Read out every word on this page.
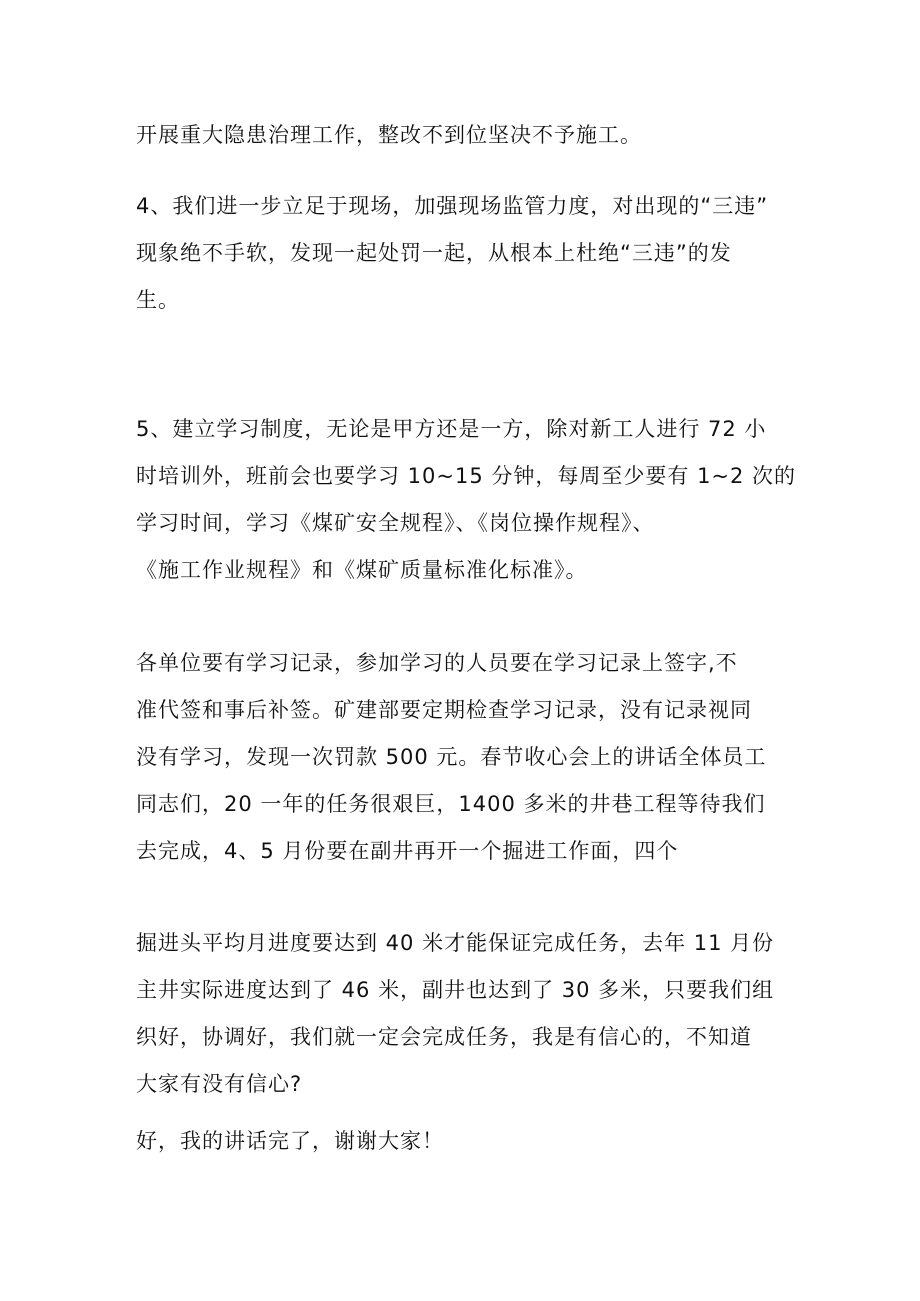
开展重大隐患治理工作，整改不到位坚决不予施工。

4、我们进一步立足于现场，加强现场监管力度，对出现的“三违”
现象绝不手软，发现一起处罚一起，从根本上杜绝“三违”的发
生。

5、建立学习制度，无论是甲方还是一方，除对新工人进行 72 小
时培训外，班前会也要学习 10~15 分钟，每周至少要有 1~2 次的
学习时间，学习《煤矿安全规程》、《岗位操作规程》、
《施工作业规程》和《煤矿质量标准化标准》。

各单位要有学习记录，参加学习的人员要在学习记录上签字,不
准代签和事后补签。矿建部要定期检查学习记录，没有记录视同
没有学习，发现一次罚款 500 元。春节收心会上的讲话全体员工
同志们，20 一年的任务很艰巨，1400 多米的井巷工程等待我们
去完成，4、5 月份要在副井再开一个掘进工作面，四个

掘进头平均月进度要达到 40 米才能保证完成任务，去年 11 月份
主井实际进度达到了 46 米，副井也达到了 30 多米，只要我们组
织好，协调好，我们就一定会完成任务，我是有信心的，不知道
大家有没有信心?

好，我的讲话完了，谢谢大家！
